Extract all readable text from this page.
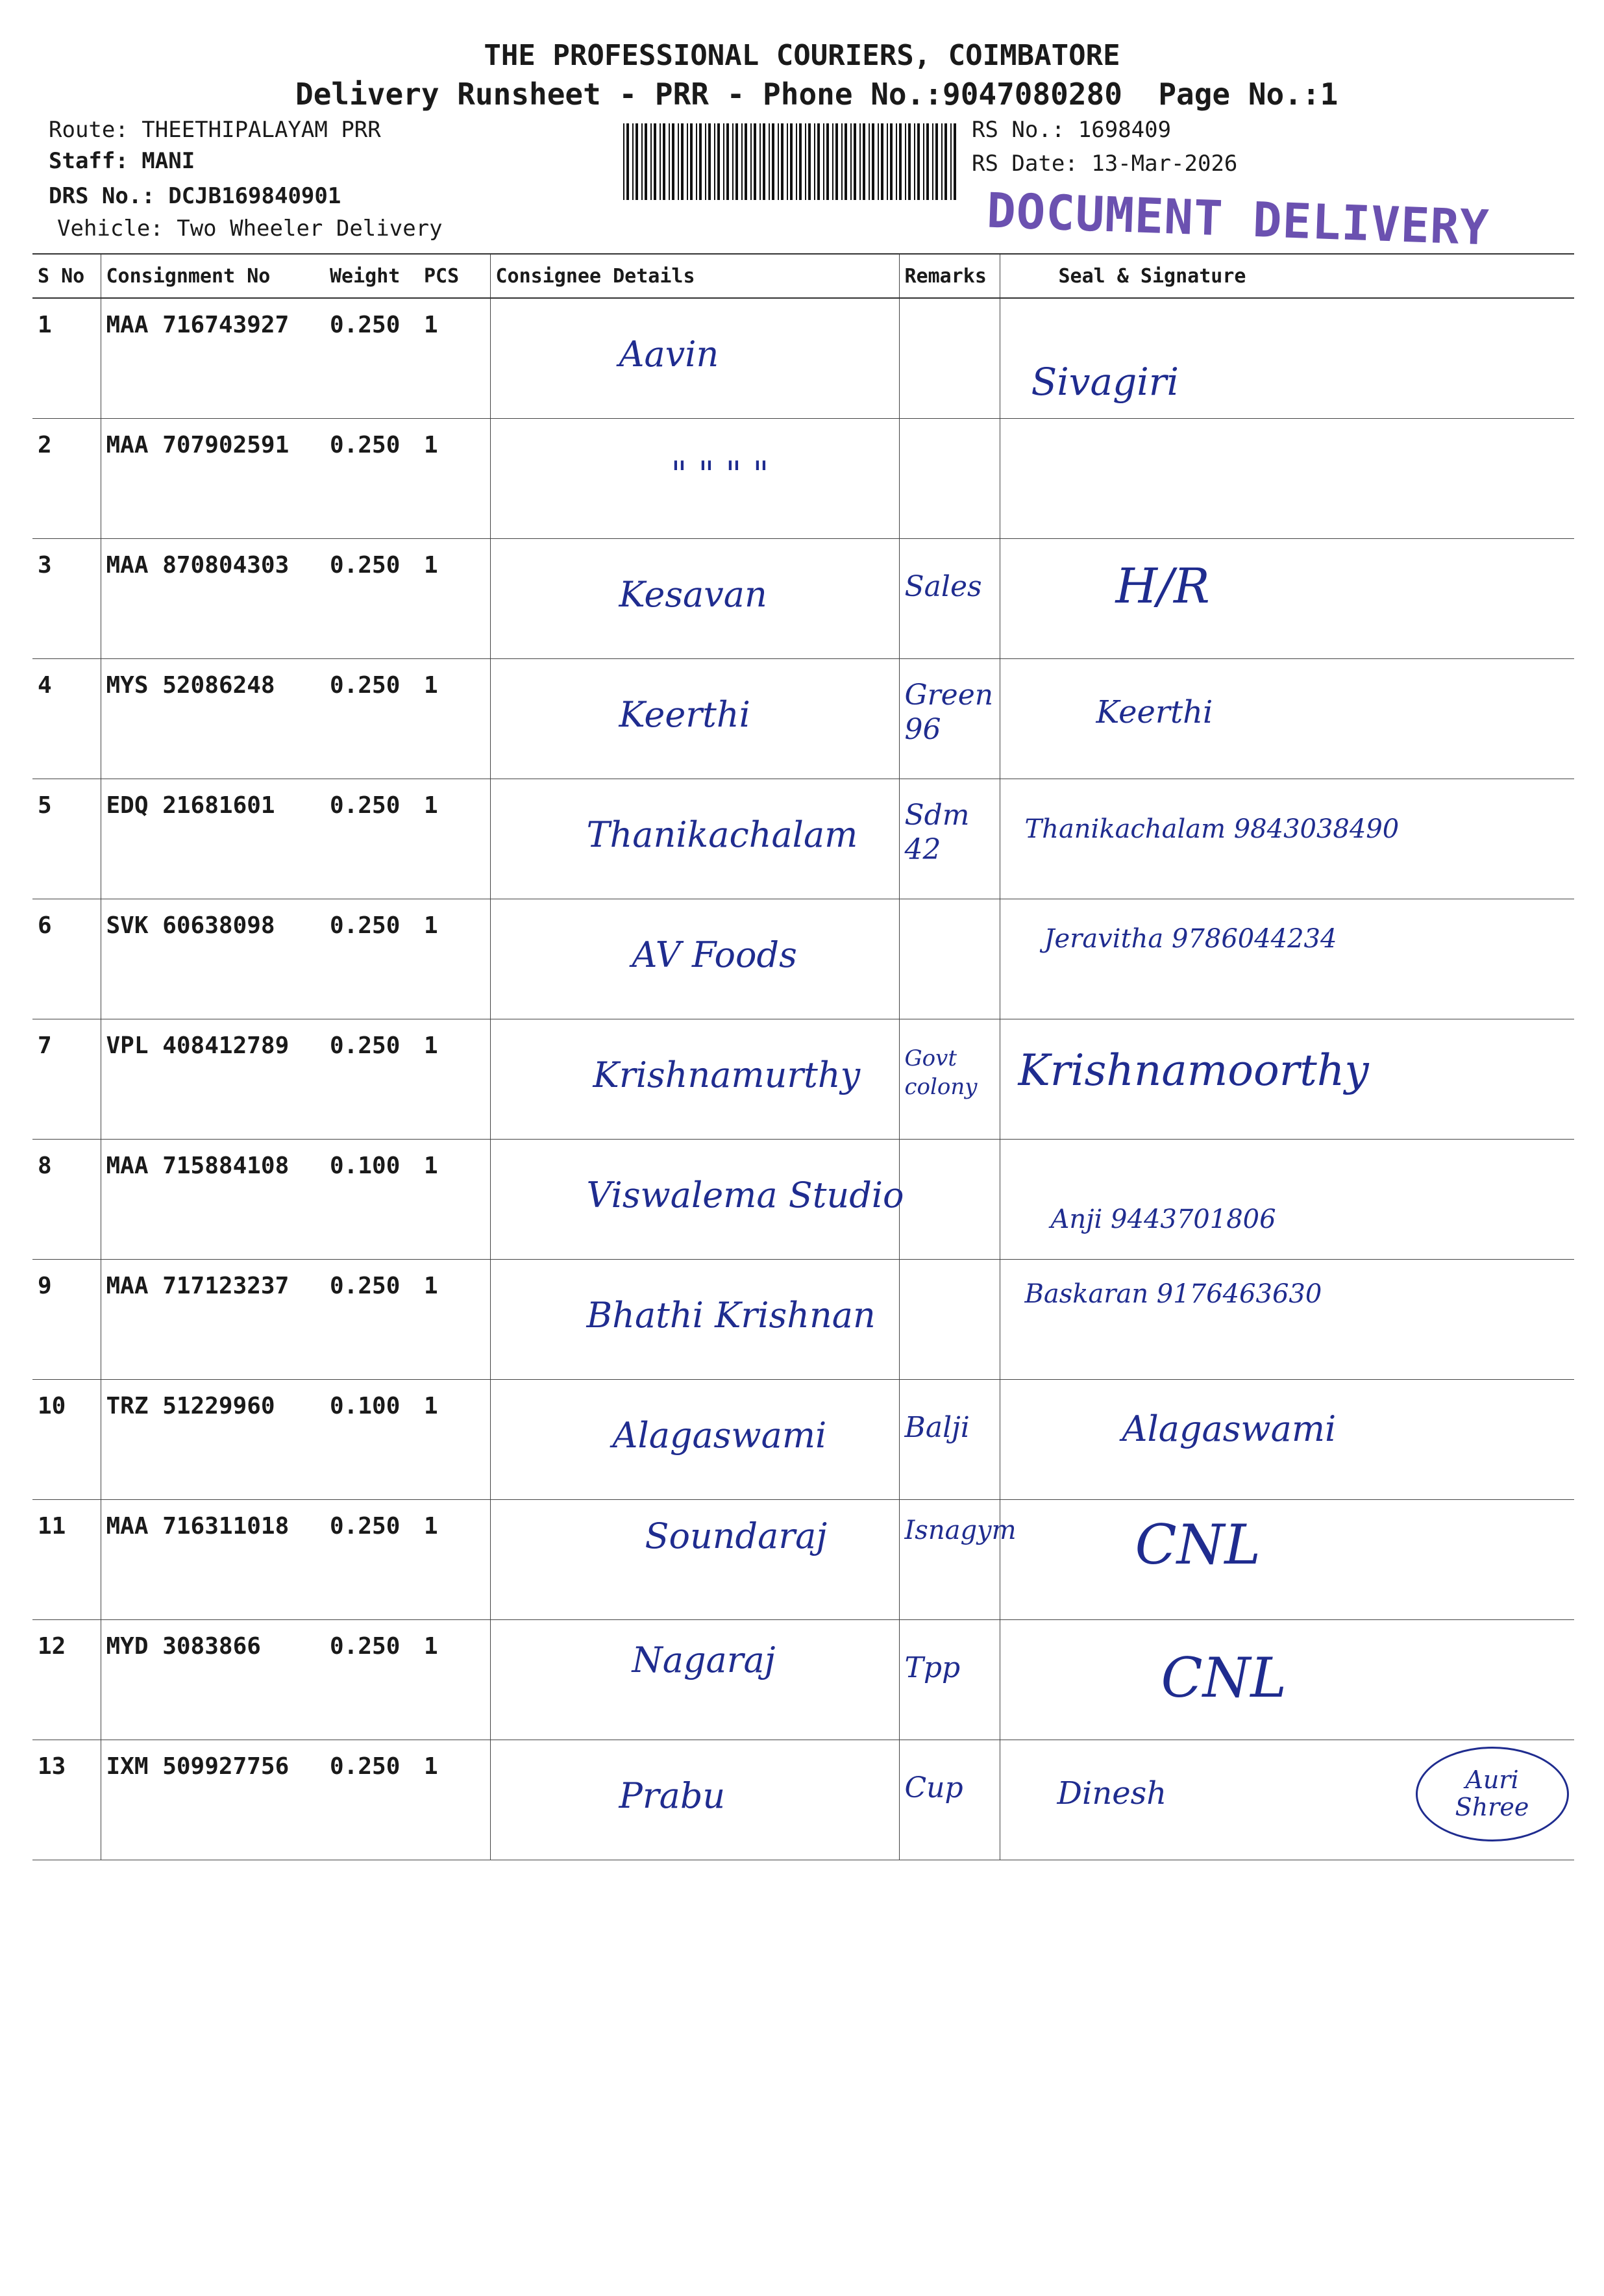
THE PROFESSIONAL COURIERS, COIMBATORE
Delivery Runsheet - PRR - Phone No.:9047080280 Page No.:1
Route: THEETHIPALAYAM PRR
Staff: MANI
DRS No.: DCJB169840901
Vehicle: Two Wheeler Delivery
RS No.: 1698409
RS Date: 13-Mar-2026
DOCUMENT DELIVERY
S No	Consignment No	Weight	PCS	Consignee Details	Remarks	Seal & Signature
1	MAA 716743927	0.250	1	Aavin		Sivagiri

2	MAA 707902591	0.250	1	" " " "		

3	MAA 870804303	0.250	1	Kesavan	Sales	H/R

4	MYS 52086248	0.250	1	Keerthi	Green 96	Keerthi

5	EDQ 21681601	0.250	1	Thanikachalam	Sdm 42	Thanikachalam 9843038490

6	SVK 60638098	0.250	1	AV Foods		Jeravitha 9786044234

7	VPL 408412789	0.250	1	Krishnamurthy	Govt colony	Krishnamoorthy

8	MAA 715884108	0.100	1	Viswalema Studio		Anji 9443701806

9	MAA 717123237	0.250	1	Bhathi Krishnan		Baskaran 9176463630

10	TRZ 51229960	0.100	1	Alagaswami	Balji	Alagaswami

11	MAA 716311018	0.250	1	Soundaraj	Isnagym	CNL

12	MYD 3083866	0.250	1	Nagaraj	Tpp	CNL

13	IXM 509927756	0.250	1	Prabu	Cup	Dinesh Auri Shree
